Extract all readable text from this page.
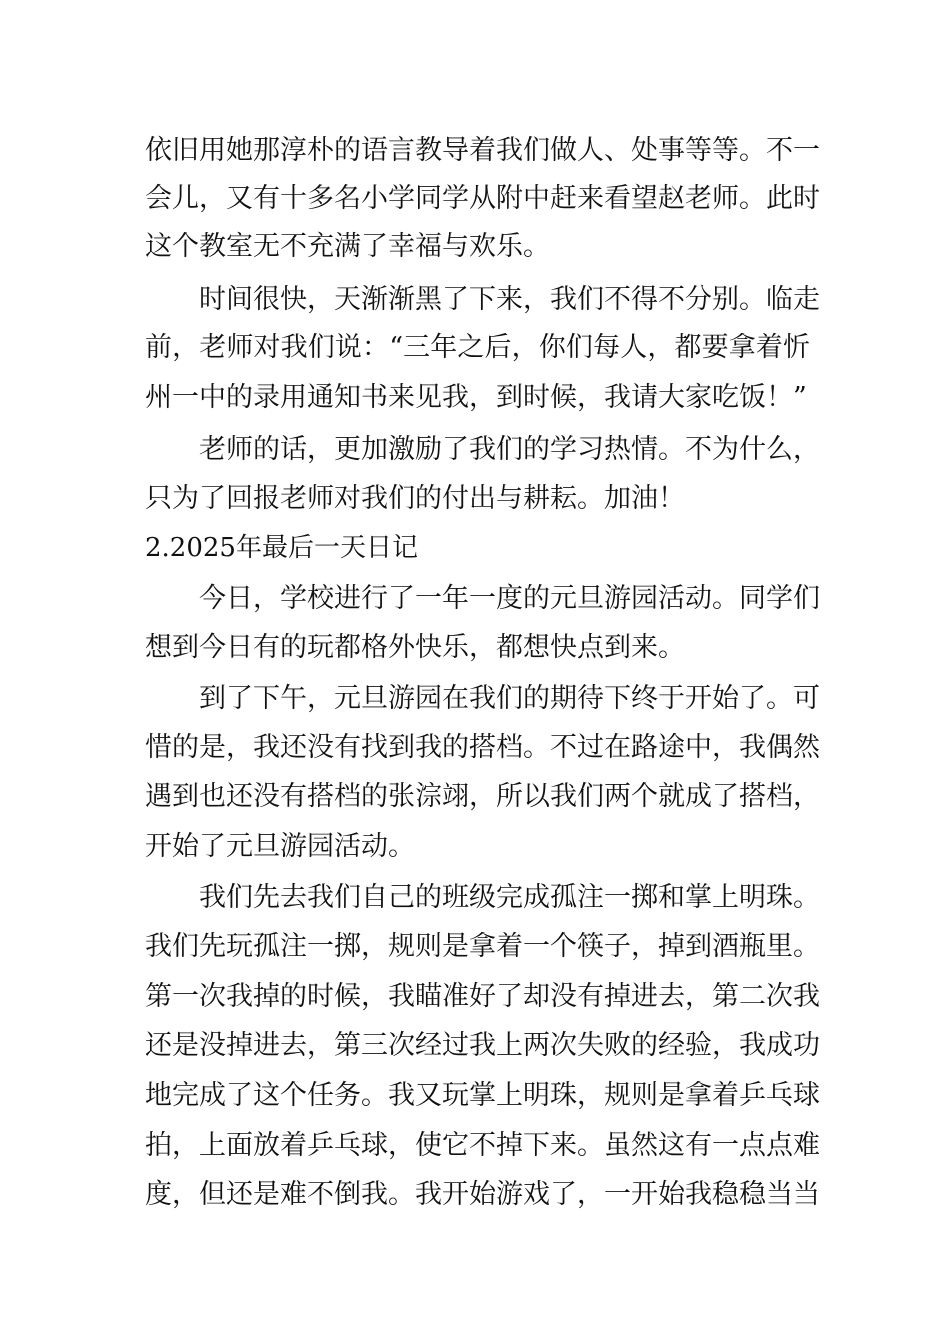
依旧用她那淳朴的语言教导着我们做人、处事等等。不一
会儿，又有十多名小学同学从附中赶来看望赵老师。此时
这个教室无不充满了幸福与欢乐。
时间很快，天渐渐黑了下来，我们不得不分别。临走
前，老师对我们说：“三年之后，你们每人，都要拿着忻
州一中的录用通知书来见我，到时候，我请大家吃饭！”
老师的话，更加激励了我们的学习热情。不为什么，
只为了回报老师对我们的付出与耕耘。加油！
2.2025年最后一天日记
今日，学校进行了一年一度的元旦游园活动。同学们
想到今日有的玩都格外快乐，都想快点到来。
到了下午，元旦游园在我们的期待下终于开始了。可
惜的是，我还没有找到我的搭档。不过在路途中，我偶然
遇到也还没有搭档的张淙翊，所以我们两个就成了搭档，
开始了元旦游园活动。
我们先去我们自己的班级完成孤注一掷和掌上明珠。
我们先玩孤注一掷，规则是拿着一个筷子，掉到酒瓶里。
第一次我掉的时候，我瞄准好了却没有掉进去，第二次我
还是没掉进去，第三次经过我上两次失败的经验，我成功
地完成了这个任务。我又玩掌上明珠，规则是拿着乒乓球
拍，上面放着乒乓球，使它不掉下来。虽然这有一点点难
度，但还是难不倒我。我开始游戏了，一开始我稳稳当当
